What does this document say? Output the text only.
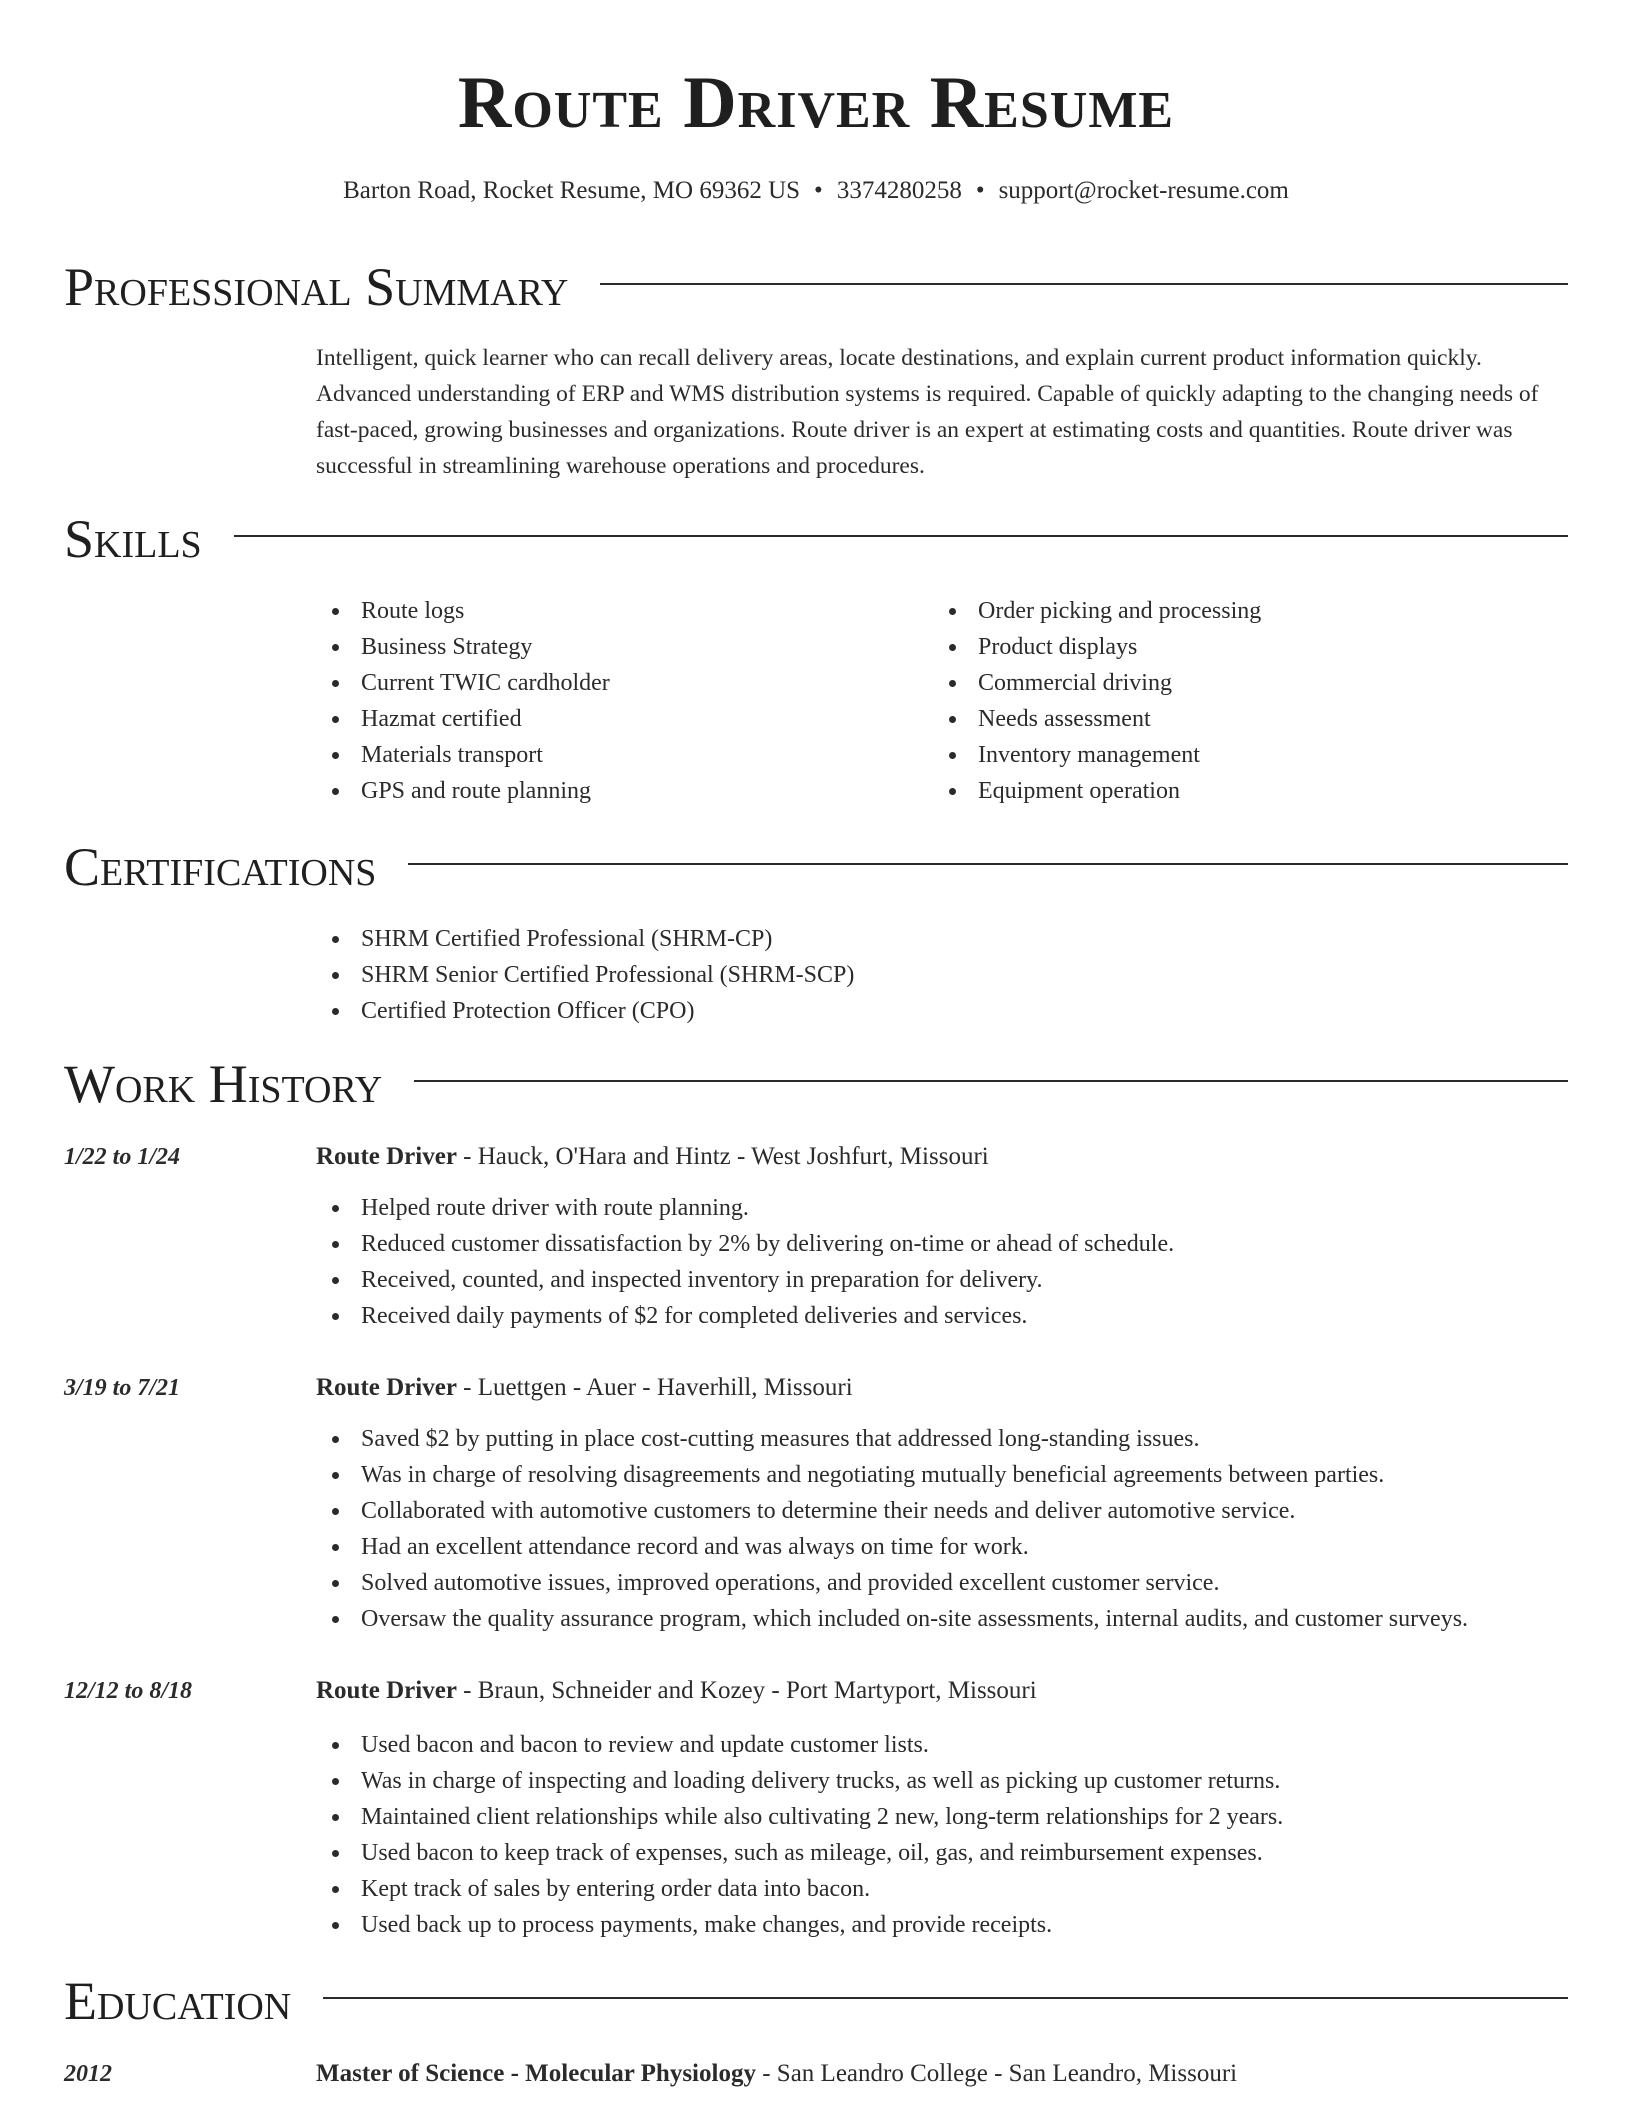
Route Driver Resume
Barton Road, Rocket Resume, MO 69362 US • 3374280258 • support@rocket-resume.com
Professional Summary

Intelligent, quick learner who can recall delivery areas, locate destinations, and explain current product information quickly. Advanced understanding of ERP and WMS distribution systems is required. Capable of quickly adapting to the changing needs of fast-paced, growing businesses and organizations. Route driver is an expert at estimating costs and quantities. Route driver was successful in streamlining warehouse operations and procedures.

Skills
Route logs
Business Strategy
Current TWIC cardholder
Hazmat certified
Materials transport
GPS and route planning
Order picking and processing
Product displays
Commercial driving
Needs assessment
Inventory management
Equipment operation
Certifications
SHRM Certified Professional (SHRM-CP)
SHRM Senior Certified Professional (SHRM-SCP)
Certified Protection Officer (CPO)
Work History
1/22 to 1/24	Route Driver - Hauck, O'Hara and Hintz - West Joshfurt, Missouri
Helped route driver with route planning.
Reduced customer dissatisfaction by 2% by delivering on-time or ahead of schedule.
Received, counted, and inspected inventory in preparation for delivery.
Received daily payments of $2 for completed deliveries and services.
3/19 to 7/21	Route Driver - Luettgen - Auer - Haverhill, Missouri
Saved $2 by putting in place cost-cutting measures that addressed long-standing issues.
Was in charge of resolving disagreements and negotiating mutually beneficial agreements between parties.
Collaborated with automotive customers to determine their needs and deliver automotive service.
Had an excellent attendance record and was always on time for work.
Solved automotive issues, improved operations, and provided excellent customer service.
Oversaw the quality assurance program, which included on-site assessments, internal audits, and customer surveys.
12/12 to 8/18	Route Driver - Braun, Schneider and Kozey - Port Martyport, Missouri
Used bacon and bacon to review and update customer lists.
Was in charge of inspecting and loading delivery trucks, as well as picking up customer returns.
Maintained client relationships while also cultivating 2 new, long-term relationships for 2 years.
Used bacon to keep track of expenses, such as mileage, oil, gas, and reimbursement expenses.
Kept track of sales by entering order data into bacon.
Used back up to process payments, make changes, and provide receipts.
Education
2012	Master of Science - Molecular Physiology - San Leandro College - San Leandro, Missouri
